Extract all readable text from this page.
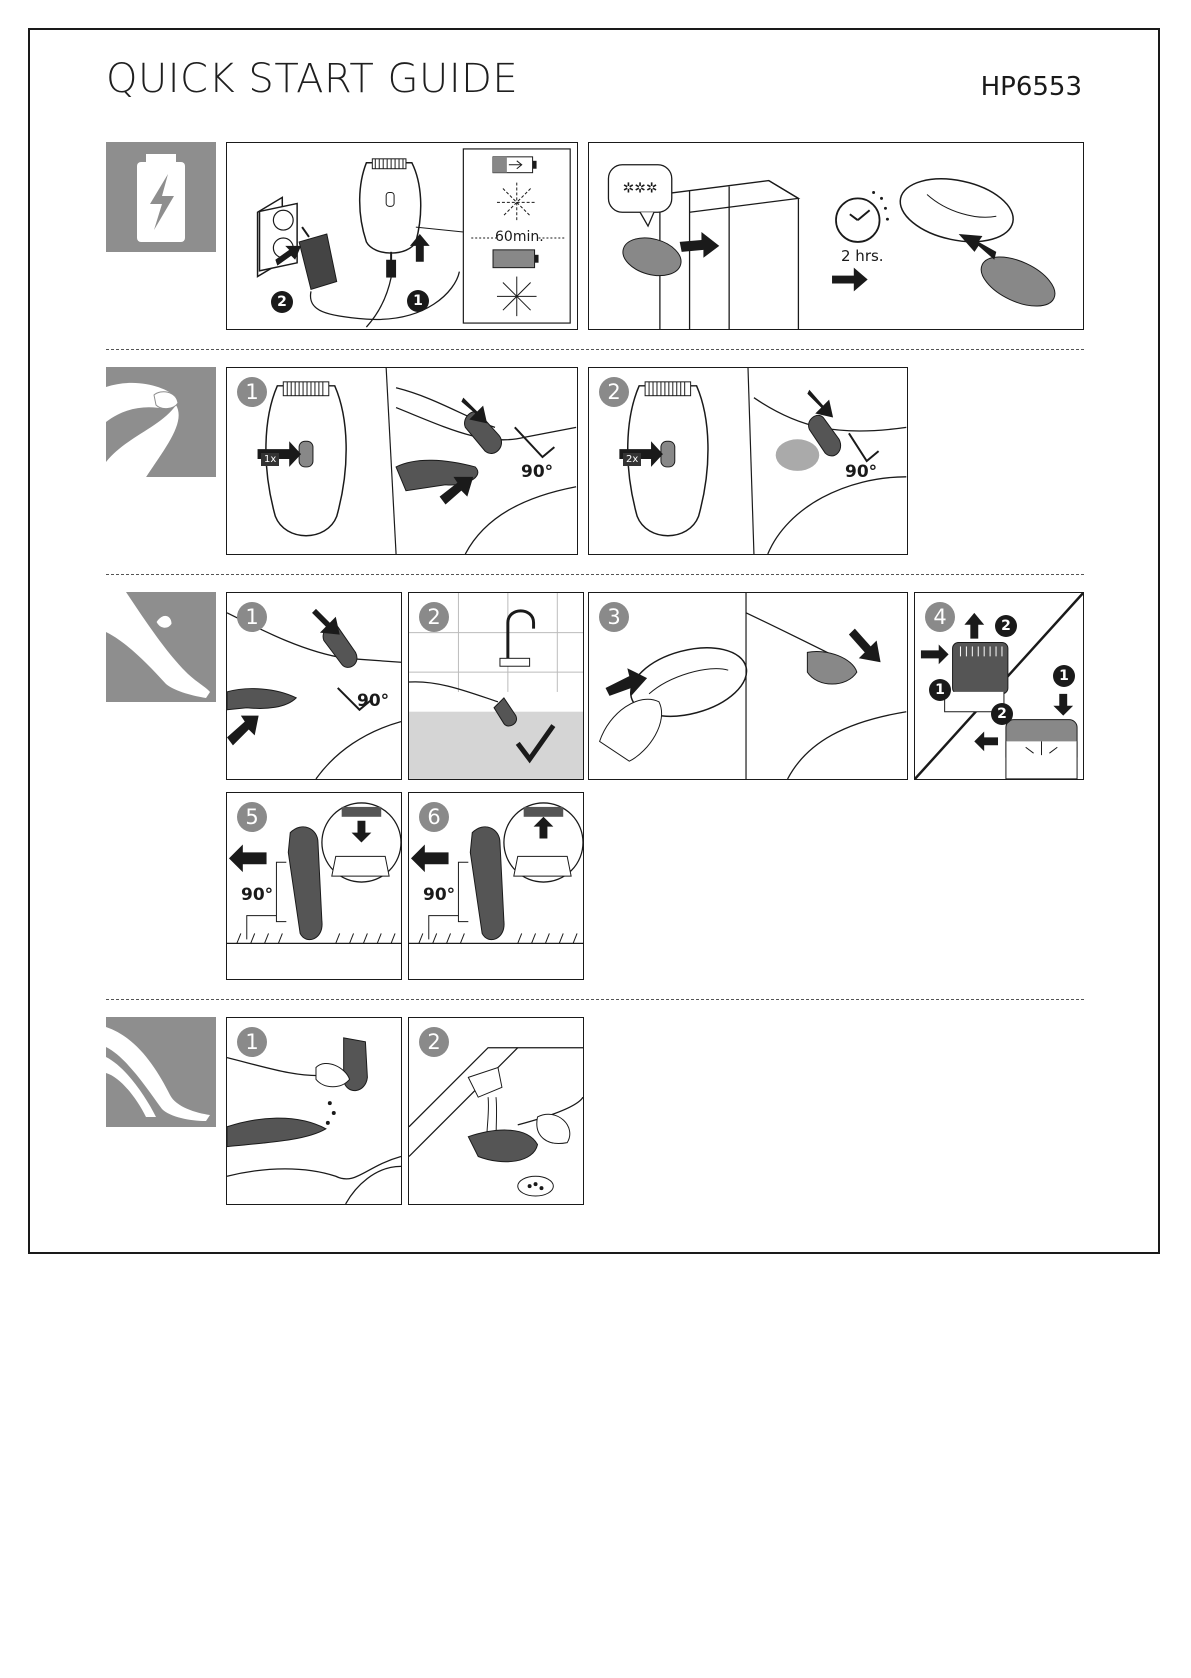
QUICK START GUIDE	HP6553
60min.
1
2
✲✲✲
2 hrs.
1
1x
90°
2
2x
90°
1
90°
2	3	4	2
1
1
2
5
90°
6
90°
1	2
